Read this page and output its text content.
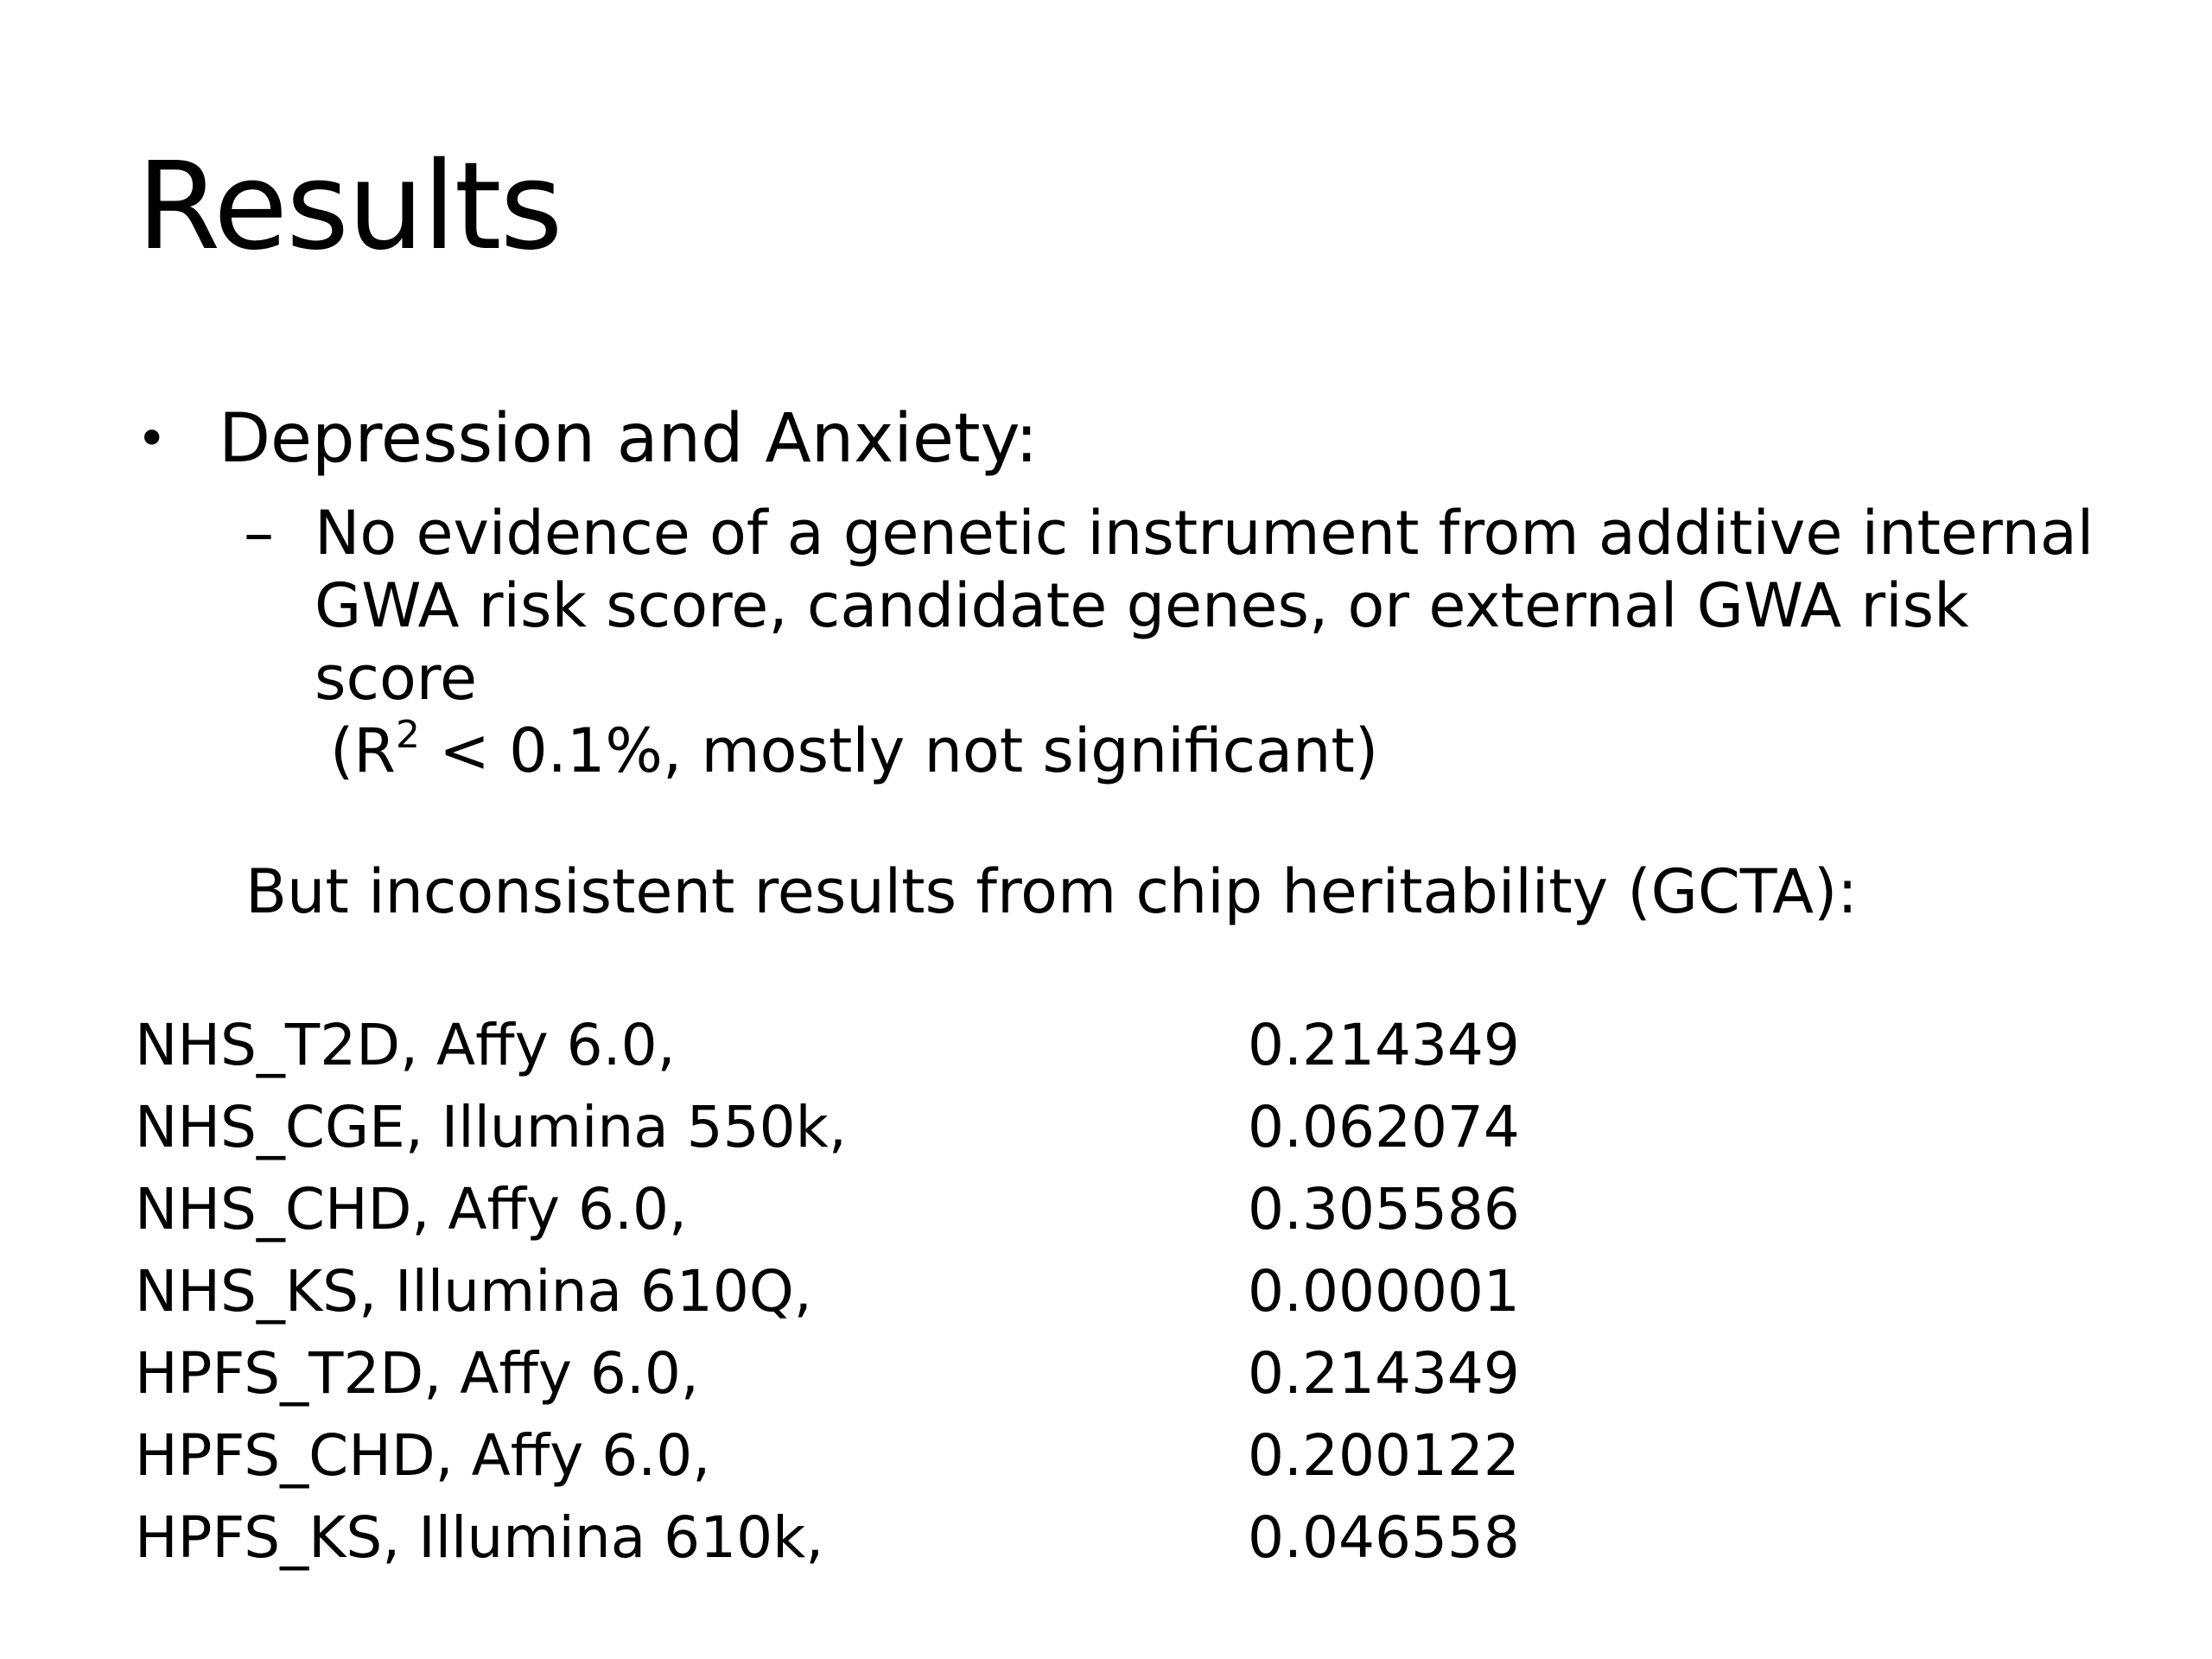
Results
• Depression and Anxiety:
– No evidence of a genetic instrument from additive internal
GWA risk score, candidate genes, or external GWA risk
score
($R^2 < 0.1\%$, mostly not significant)
But inconsistent results from chip heritability (GCTA):
NHS_T2D, Affy 6.0,	0.214349
NHS_CGE, Illumina 550k,	0.062074
NHS_CHD, Affy 6.0,	0.305586
NHS_KS, Illumina 610Q,	0.000001
HPFS_T2D, Affy 6.0,	0.214349
HPFS_CHD, Affy 6.0,	0.200122
HPFS_KS, Illumina 610k,	0.046558
